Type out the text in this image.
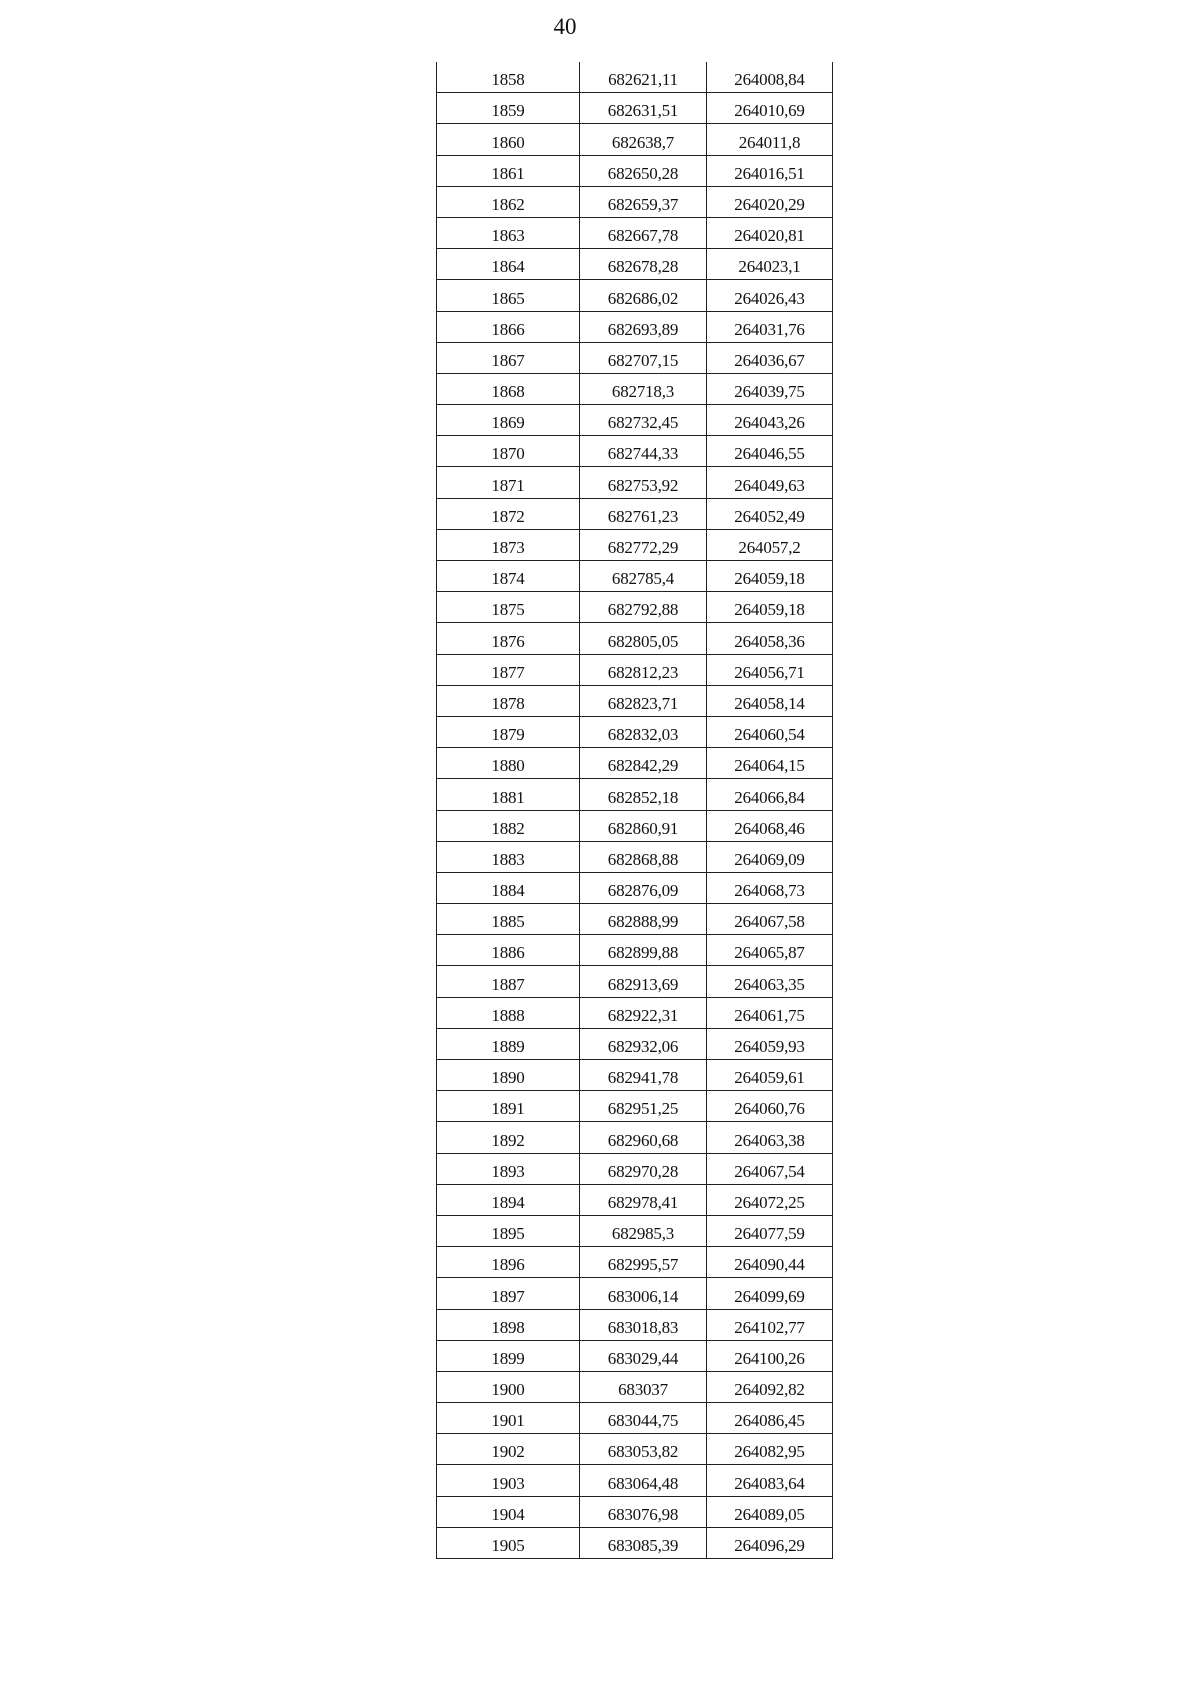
40
1858	682621,11	264008,84
1859	682631,51	264010,69
1860	682638,7	264011,8
1861	682650,28	264016,51
1862	682659,37	264020,29
1863	682667,78	264020,81
1864	682678,28	264023,1
1865	682686,02	264026,43
1866	682693,89	264031,76
1867	682707,15	264036,67
1868	682718,3	264039,75
1869	682732,45	264043,26
1870	682744,33	264046,55
1871	682753,92	264049,63
1872	682761,23	264052,49
1873	682772,29	264057,2
1874	682785,4	264059,18
1875	682792,88	264059,18
1876	682805,05	264058,36
1877	682812,23	264056,71
1878	682823,71	264058,14
1879	682832,03	264060,54
1880	682842,29	264064,15
1881	682852,18	264066,84
1882	682860,91	264068,46
1883	682868,88	264069,09
1884	682876,09	264068,73
1885	682888,99	264067,58
1886	682899,88	264065,87
1887	682913,69	264063,35
1888	682922,31	264061,75
1889	682932,06	264059,93
1890	682941,78	264059,61
1891	682951,25	264060,76
1892	682960,68	264063,38
1893	682970,28	264067,54
1894	682978,41	264072,25
1895	682985,3	264077,59
1896	682995,57	264090,44
1897	683006,14	264099,69
1898	683018,83	264102,77
1899	683029,44	264100,26
1900	683037	264092,82
1901	683044,75	264086,45
1902	683053,82	264082,95
1903	683064,48	264083,64
1904	683076,98	264089,05
1905	683085,39	264096,29
